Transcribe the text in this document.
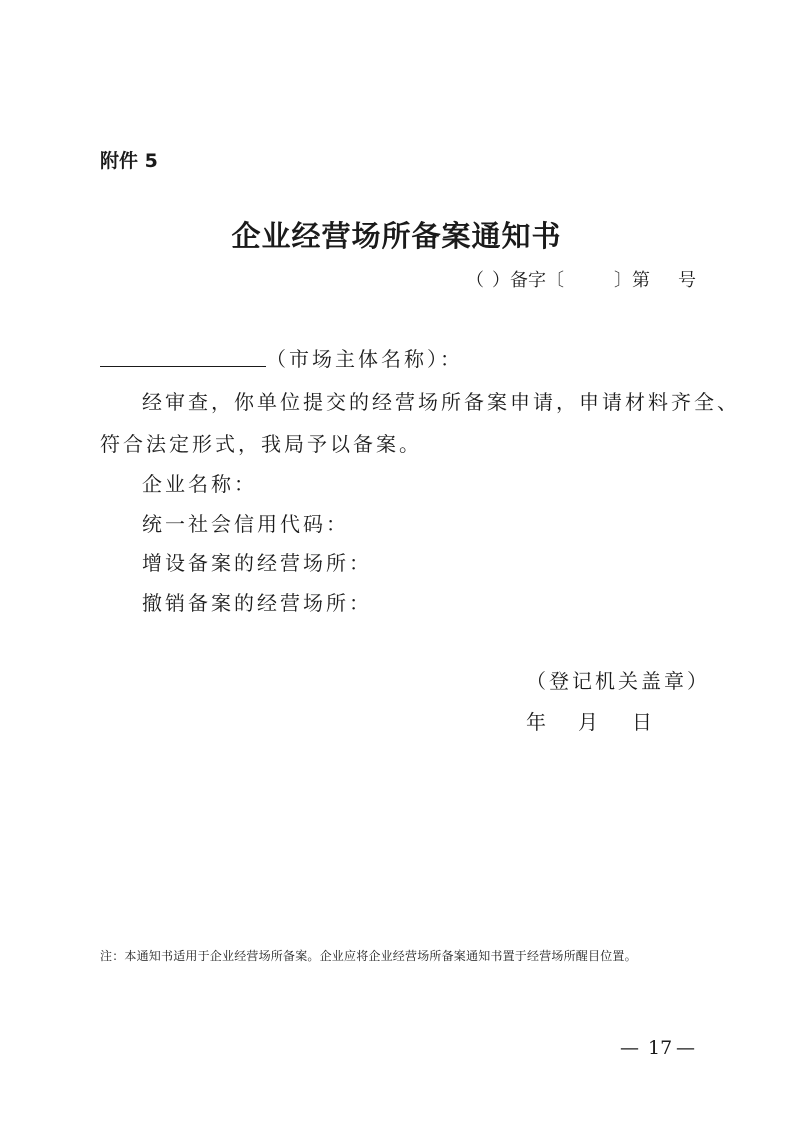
附件 5
企业经营场所备案通知书
（ ）备字〔	〕第 号
（市场主体名称）：
经审查，你单位提交的经营场所备案申请，申请材料齐全、
符合法定形式，我局予以备案。
企业名称：
统一社会信用代码：
增设备案的经营场所：
撤销备案的经营场所：
（登记机关盖章）
年 月 日
注：本通知书适用于企业经营场所备案。企业应将企业经营场所备案通知书置于经营场所醒目位置。
— 17 —
